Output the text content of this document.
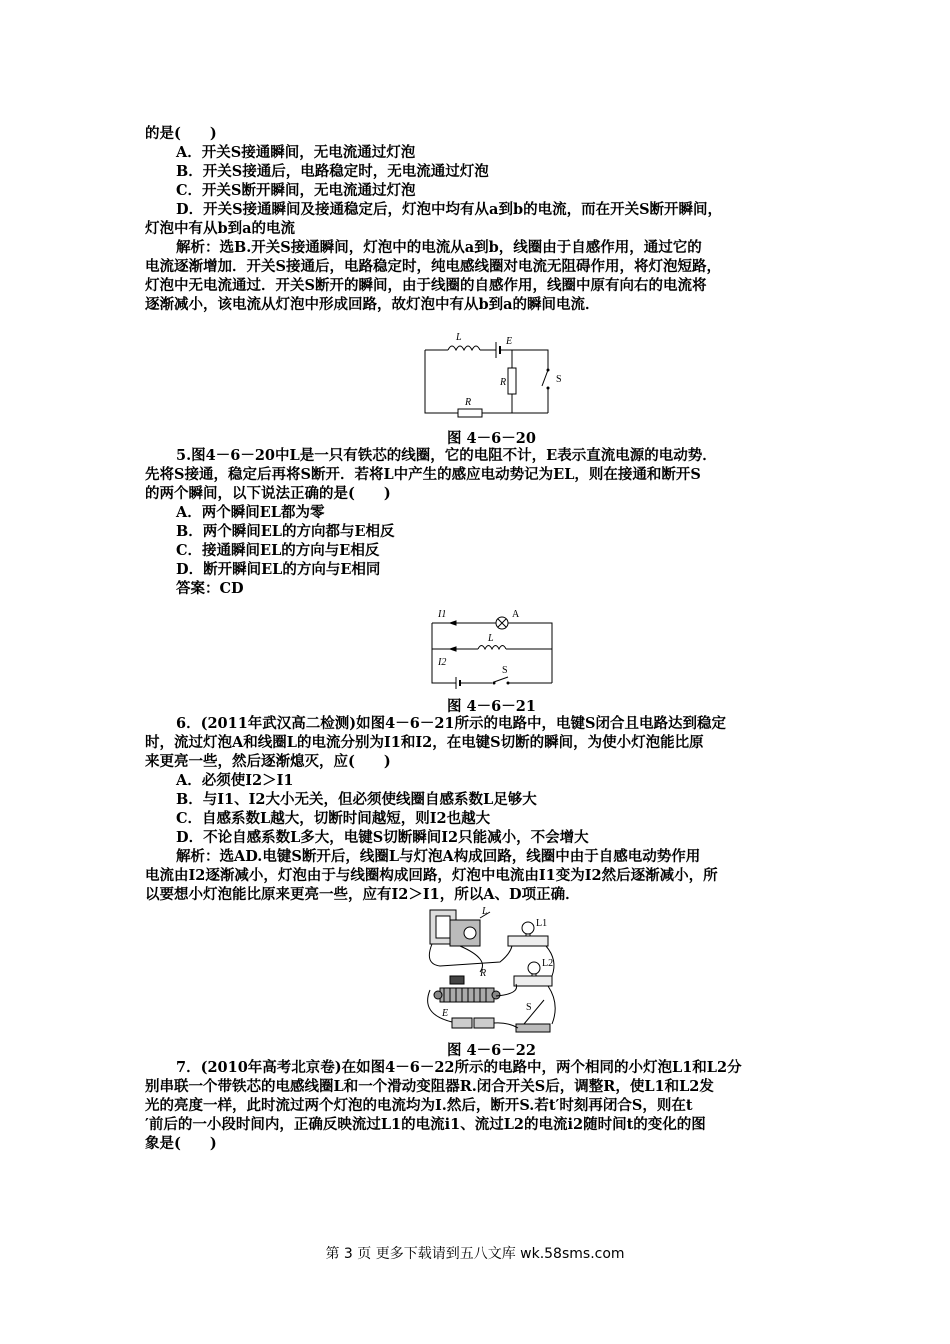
的是(　　)
A．开关S接通瞬间，无电流通过灯泡
B．开关S接通后，电路稳定时，无电流通过灯泡
C．开关S断开瞬间，无电流通过灯泡
D．开关S接通瞬间及接通稳定后，灯泡中均有从a到b的电流，而在开关S断开瞬间，
灯泡中有从b到a的电流
解析：选B.开关S接通瞬间，灯泡中的电流从a到b，线圈由于自感作用，通过它的
电流逐渐增加．开关S接通后，电路稳定时，纯电感线圈对电流无阻碍作用，将灯泡短路，
灯泡中无电流通过．开关S断开的瞬间，由于线圈的自感作用，线圈中原有向右的电流将
逐渐减小，该电流从灯泡中形成回路，故灯泡中有从b到a的瞬间电流．
L	E
R	S
R
图 4－6－20
5.图4－6－20中L是一只有铁芯的线圈，它的电阻不计，E表示直流电源的电动势．
先将S接通，稳定后再将S断开．若将L中产生的感应电动势记为EL，则在接通和断开S
的两个瞬间，以下说法正确的是(　　)
A．两个瞬间EL都为零
B．两个瞬间EL的方向都与E相反
C．接通瞬间EL的方向与E相反
D．断开瞬间EL的方向与E相同
答案：CD
I1	A
L
I2
S
图 4－6－21
6．(2011年武汉高二检测)如图4－6－21所示的电路中，电键S闭合且电路达到稳定
时，流过灯泡A和线圈L的电流分别为I1和I2，在电键S切断的瞬间，为使小灯泡能比原
来更亮一些，然后逐渐熄灭，应(　　)
A．必须使I2＞I1
B．与I1、I2大小无关，但必须使线圈自感系数L足够大
C．自感系数L越大，切断时间越短，则I2也越大
D．不论自感系数L多大，电键S切断瞬间I2只能减小，不会增大
解析：选AD.电键S断开后，线圈L与灯泡A构成回路，线圈中由于自感电动势作用
电流由I2逐渐减小，灯泡由于与线圈构成回路，灯泡中电流由I1变为I2然后逐渐减小，所
以要想小灯泡能比原来更亮一些，应有I2＞I1，所以A、D项正确．
L
L1
R
L2
S
E
图 4－6－22
7．(2010年高考北京卷)在如图4－6－22所示的电路中，两个相同的小灯泡L1和L2分
别串联一个带铁芯的电感线圈L和一个滑动变阻器R.闭合开关S后，调整R，使L1和L2发
光的亮度一样，此时流过两个灯泡的电流均为I.然后，断开S.若t′时刻再闭合S，则在t
′前后的一小段时间内，正确反映流过L1的电流i1、流过L2的电流i2随时间t的变化的图
象是(　　)
第 3 页 更多下载请到五八文库 wk.58sms.com
